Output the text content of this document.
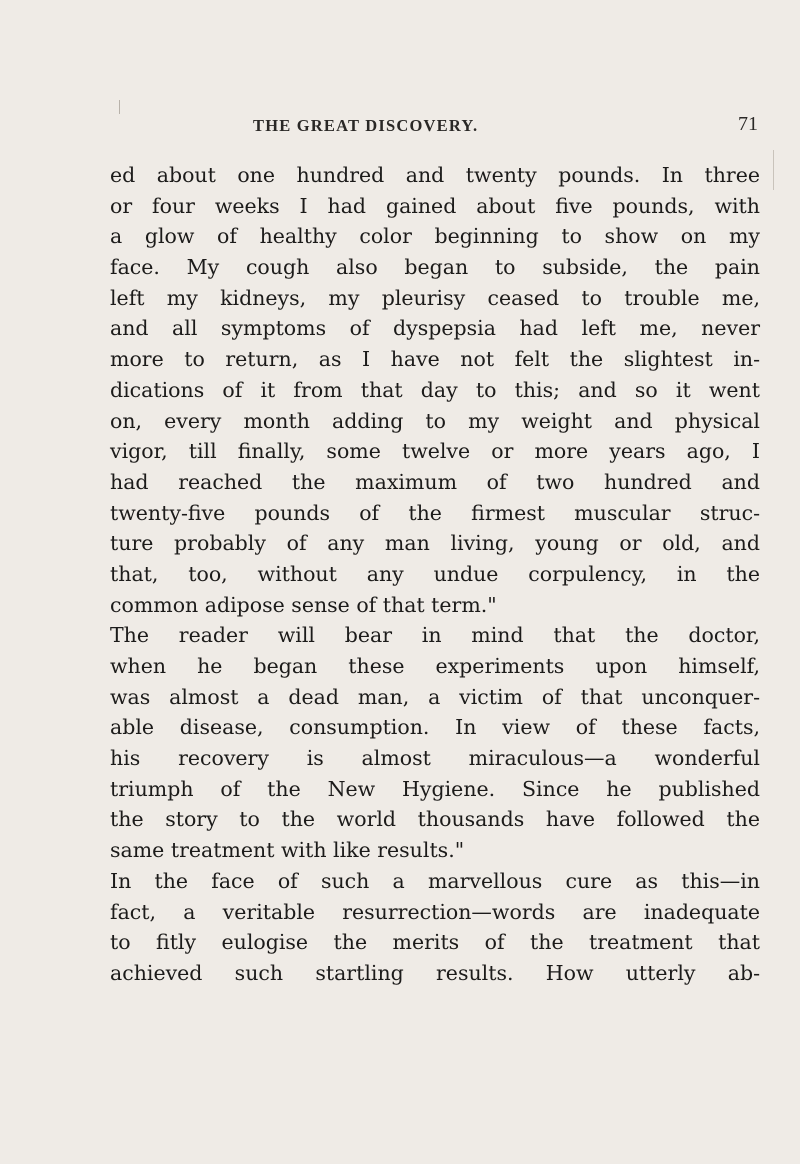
THE GREAT DISCOVERY.	71
ed about one hundred and twenty pounds. In three
or four weeks I had gained about five pounds, with
a glow of healthy color beginning to show on my
face. My cough also began to subside, the pain
left my kidneys, my pleurisy ceased to trouble me,
and all symptoms of dyspepsia had left me, never
more to return, as I have not felt the slightest in-
dications of it from that day to this; and so it went
on, every month adding to my weight and physical
vigor, till finally, some twelve or more years ago, I
had reached the maximum of two hundred and
twenty-five pounds of the firmest muscular struc-
ture probably of any man living, young or old, and
that, too, without any undue corpulency, in the
common adipose sense of that term."
The reader will bear in mind that the doctor,
when he began these experiments upon himself,
was almost a dead man, a victim of that unconquer-
able disease, consumption. In view of these facts,
his recovery is almost miraculous—a wonderful
triumph of the New Hygiene. Since he published
the story to the world thousands have followed the
same treatment with like results."
In the face of such a marvellous cure as this—in
fact, a veritable resurrection—words are inadequate
to fitly eulogise the merits of the treatment that
achieved such startling results. How utterly ab-
